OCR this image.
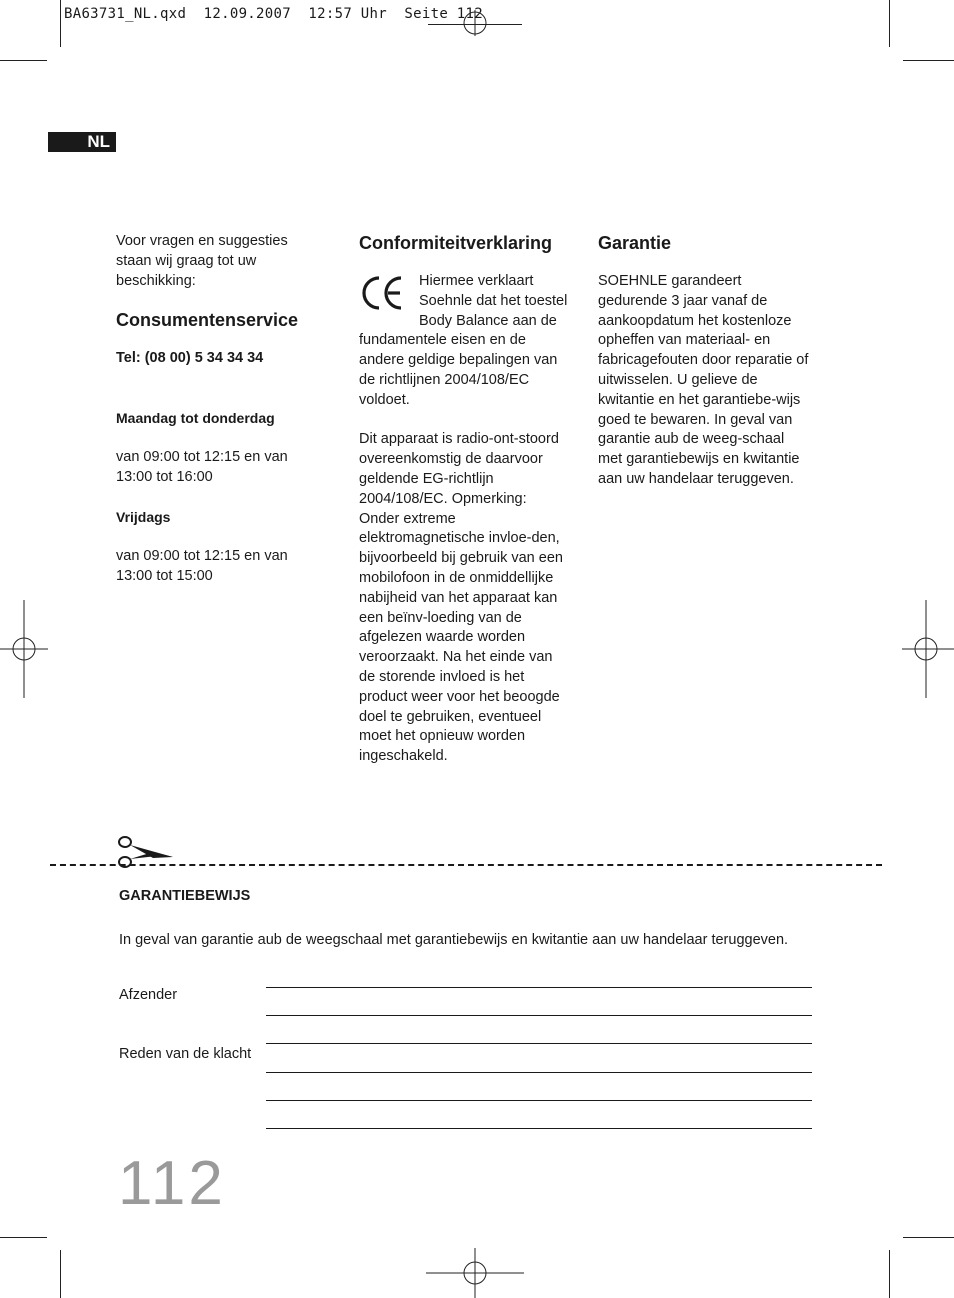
BA63731_NL.qxd  12.09.2007  12:57 Uhr  Seite 112
NL

Voor vragen en suggesties staan wij graag tot uw beschikking:

Consumentenservice

Tel: (08 00) 5 34 34 34

Maandag tot donderdag

van 09:00 tot 12:15 en van 13:00 tot 16:00

Vrijdags

van 09:00 tot 12:15 en van 13:00 tot 15:00

Conformiteitverklaring

Hiermee verklaart Soehnle dat het toestel Body Balance aan de fundamentele eisen en de andere geldige bepalingen van de richtlijnen 2004/108/EC voldoet.

Dit apparaat is radio-ont-stoord overeenkomstig de daarvoor geldende EG-richtlijn 2004/108/EC. Opmerking: Onder extreme elektromagnetische invloe-den, bijvoorbeeld bij gebruik van een mobilofoon in de onmiddellijke nabijheid van het apparaat kan een beïnv-loeding van de afgelezen waarde worden veroorzaakt. Na het einde van de storende invloed is het product weer voor het beoogde doel te gebruiken, eventueel moet het opnieuw worden ingeschakeld.

Garantie

SOEHNLE garandeert gedurende 3 jaar vanaf de aankoopdatum het kostenloze opheffen van materiaal- en fabricagefouten door reparatie of uitwisselen. U gelieve de kwitantie en het garantiebe-wijs goed te bewaren. In geval van garantie aub de weeg-schaal met garantiebewijs en kwitantie aan uw handelaar teruggeven.

GARANTIEBEWIJS
In geval van garantie aub de weegschaal met garantiebewijs en kwitantie aan uw handelaar teruggeven.
Afzender
Reden van de klacht
112
